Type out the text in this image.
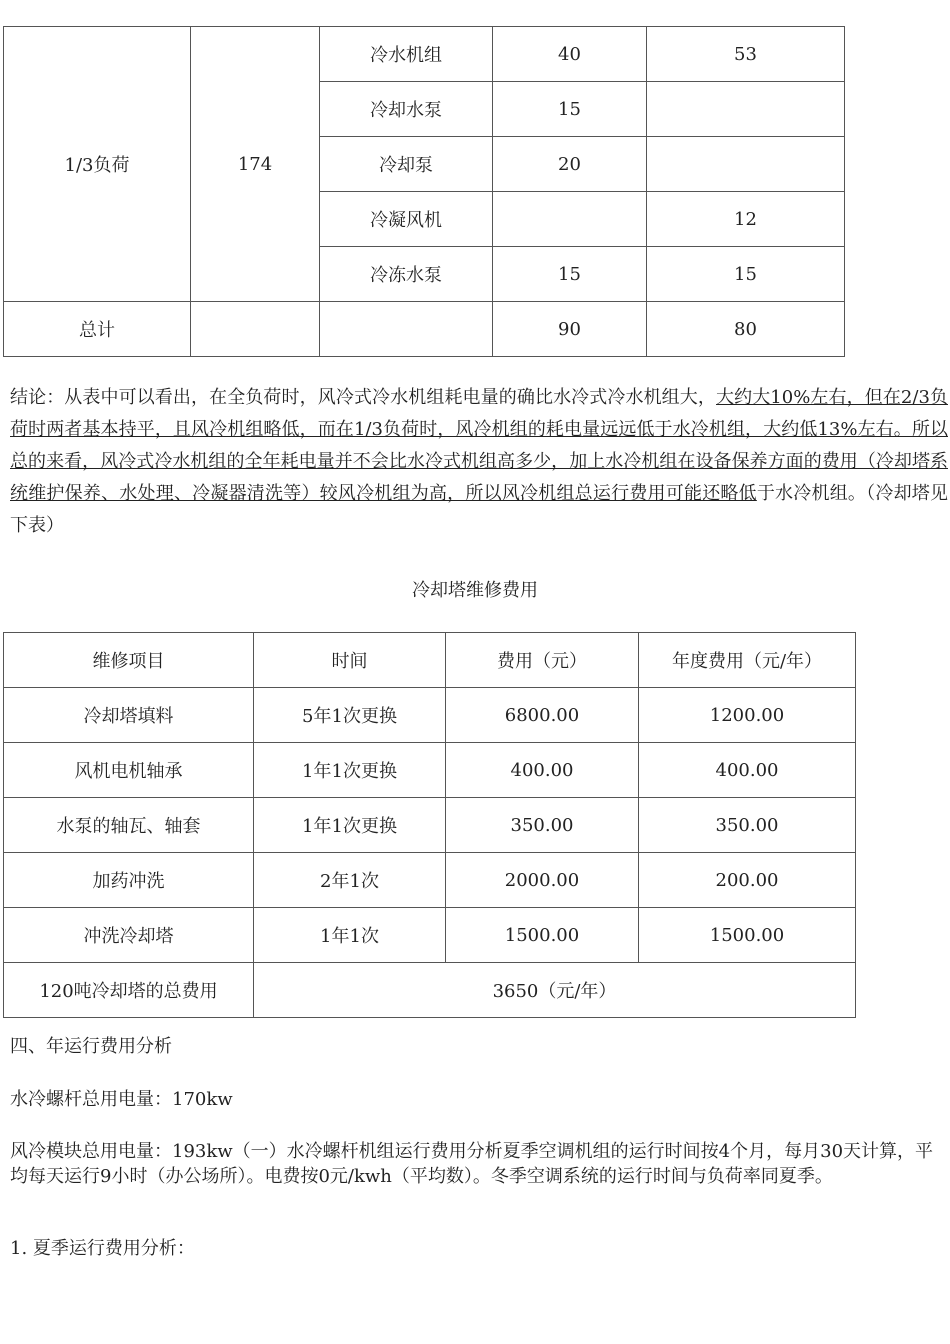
1/3负荷	174	冷水机组	40	53
		冷却水泵	15	
		冷却泵	20	
		冷凝风机		12
		冷冻水泵	15	15
总计			90	80

结论：从表中可以看出，在全负荷时，风冷式冷水机组耗电量的确比水冷式冷水机组大，大约大10%左右，但在2/3负荷时两者基本持平，且风冷机组略低，而在1/3负荷时，风冷机组的耗电量远远低于水冷机组，大约低13%左右。所以总的来看，风冷式冷水机组的全年耗电量并不会比水冷式机组高多少，加上水冷机组在设备保养方面的费用（冷却塔系统维护保养、水处理、冷凝器清洗等）较风冷机组为高，所以风冷机组总运行费用可能还略低于水冷机组。（冷却塔见下表）

冷却塔维修费用
维修项目	时间	费用（元）	年度费用（元/年）
冷却塔填料	5年1次更换	6800.00	1200.00
风机电机轴承	1年1次更换	400.00	400.00
水泵的轴瓦、轴套	1年1次更换	350.00	350.00
加药冲洗	2年1次	2000.00	200.00
冲洗冷却塔	1年1次	1500.00	1500.00
120吨冷却塔的总费用	3650（元/年）		

四、年运行费用分析

水冷螺杆总用电量：170kw

风冷模块总用电量：193kw（一）水冷螺杆机组运行费用分析夏季空调机组的运行时间按4个月，每月30天计算，平均每天运行9小时（办公场所）。电费按0元/kwh（平均数）。冬季空调系统的运行时间与负荷率同夏季。

1. 夏季运行费用分析：
